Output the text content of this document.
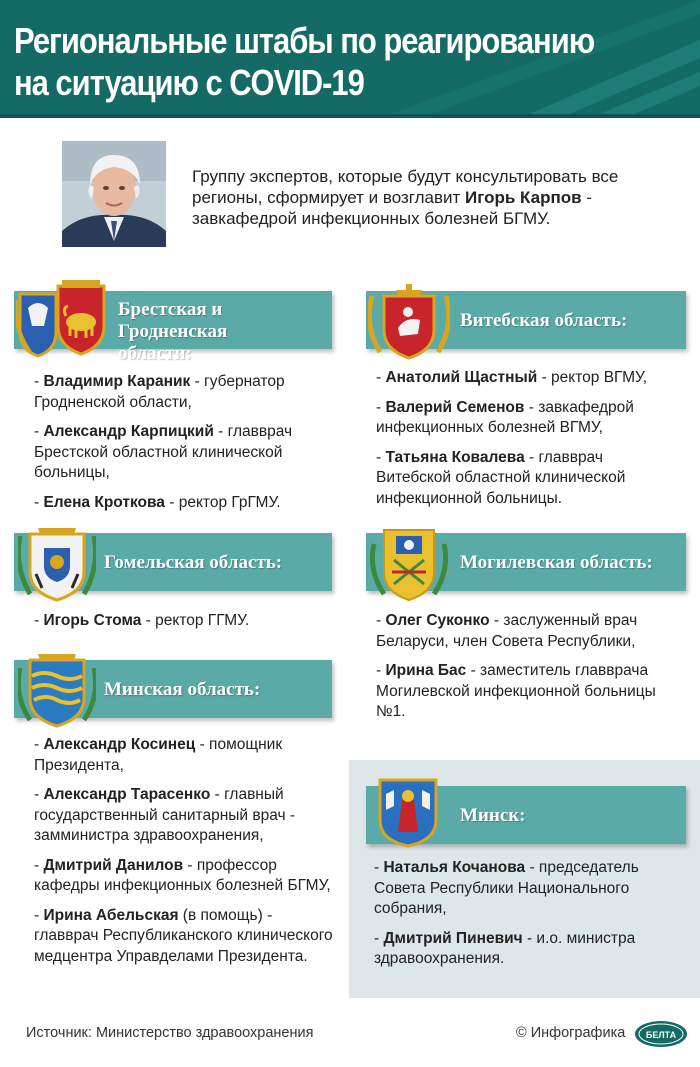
Региональные штабы по реагированию
на ситуацию с COVID-19
Группу экспертов, которые будут консультировать все регионы, сформирует и возглавит Игорь Карпов - завкафедрой инфекционных болезней БГМУ.
Брестская и Гродненская
области:
- Владимир Караник - губернатор Гродненской области,
- Александр Карпицкий - главврач Брестской областной клинической больницы,
- Елена Кроткова - ректор ГрГМУ.
Витебская область:
- Анатолий Щастный - ректор ВГМУ,
- Валерий Семенов - завкафедрой инфекционных болезней ВГМУ,
- Татьяна Ковалева - главврач Витебской областной клинической инфекционной больницы.
Гомельская область:
- Игорь Стома - ректор ГГМУ.
Могилевская область:
- Олег Суконко - заслуженный врач Беларуси, член Совета Республики,
- Ирина Бас - заместитель главврача Могилевской инфекционной больницы №1.
Минская область:
- Александр Косинец - помощник Президента,
- Александр Тарасенко - главный государственный санитарный врач - замминистра здравоохранения,
- Дмитрий Данилов - профессор кафедры инфекционных болезней БГМУ,
- Ирина Абельская (в помощь) - главврач Республиканского клинического медцентра Управделами Президента.
Минск:
- Наталья Кочанова - председатель Совета Республики Национального собрания,
- Дмитрий Пиневич - и.о. министра здравоохранения.
Источник: Министерство здравоохранения	© Инфографика БЕЛТА
